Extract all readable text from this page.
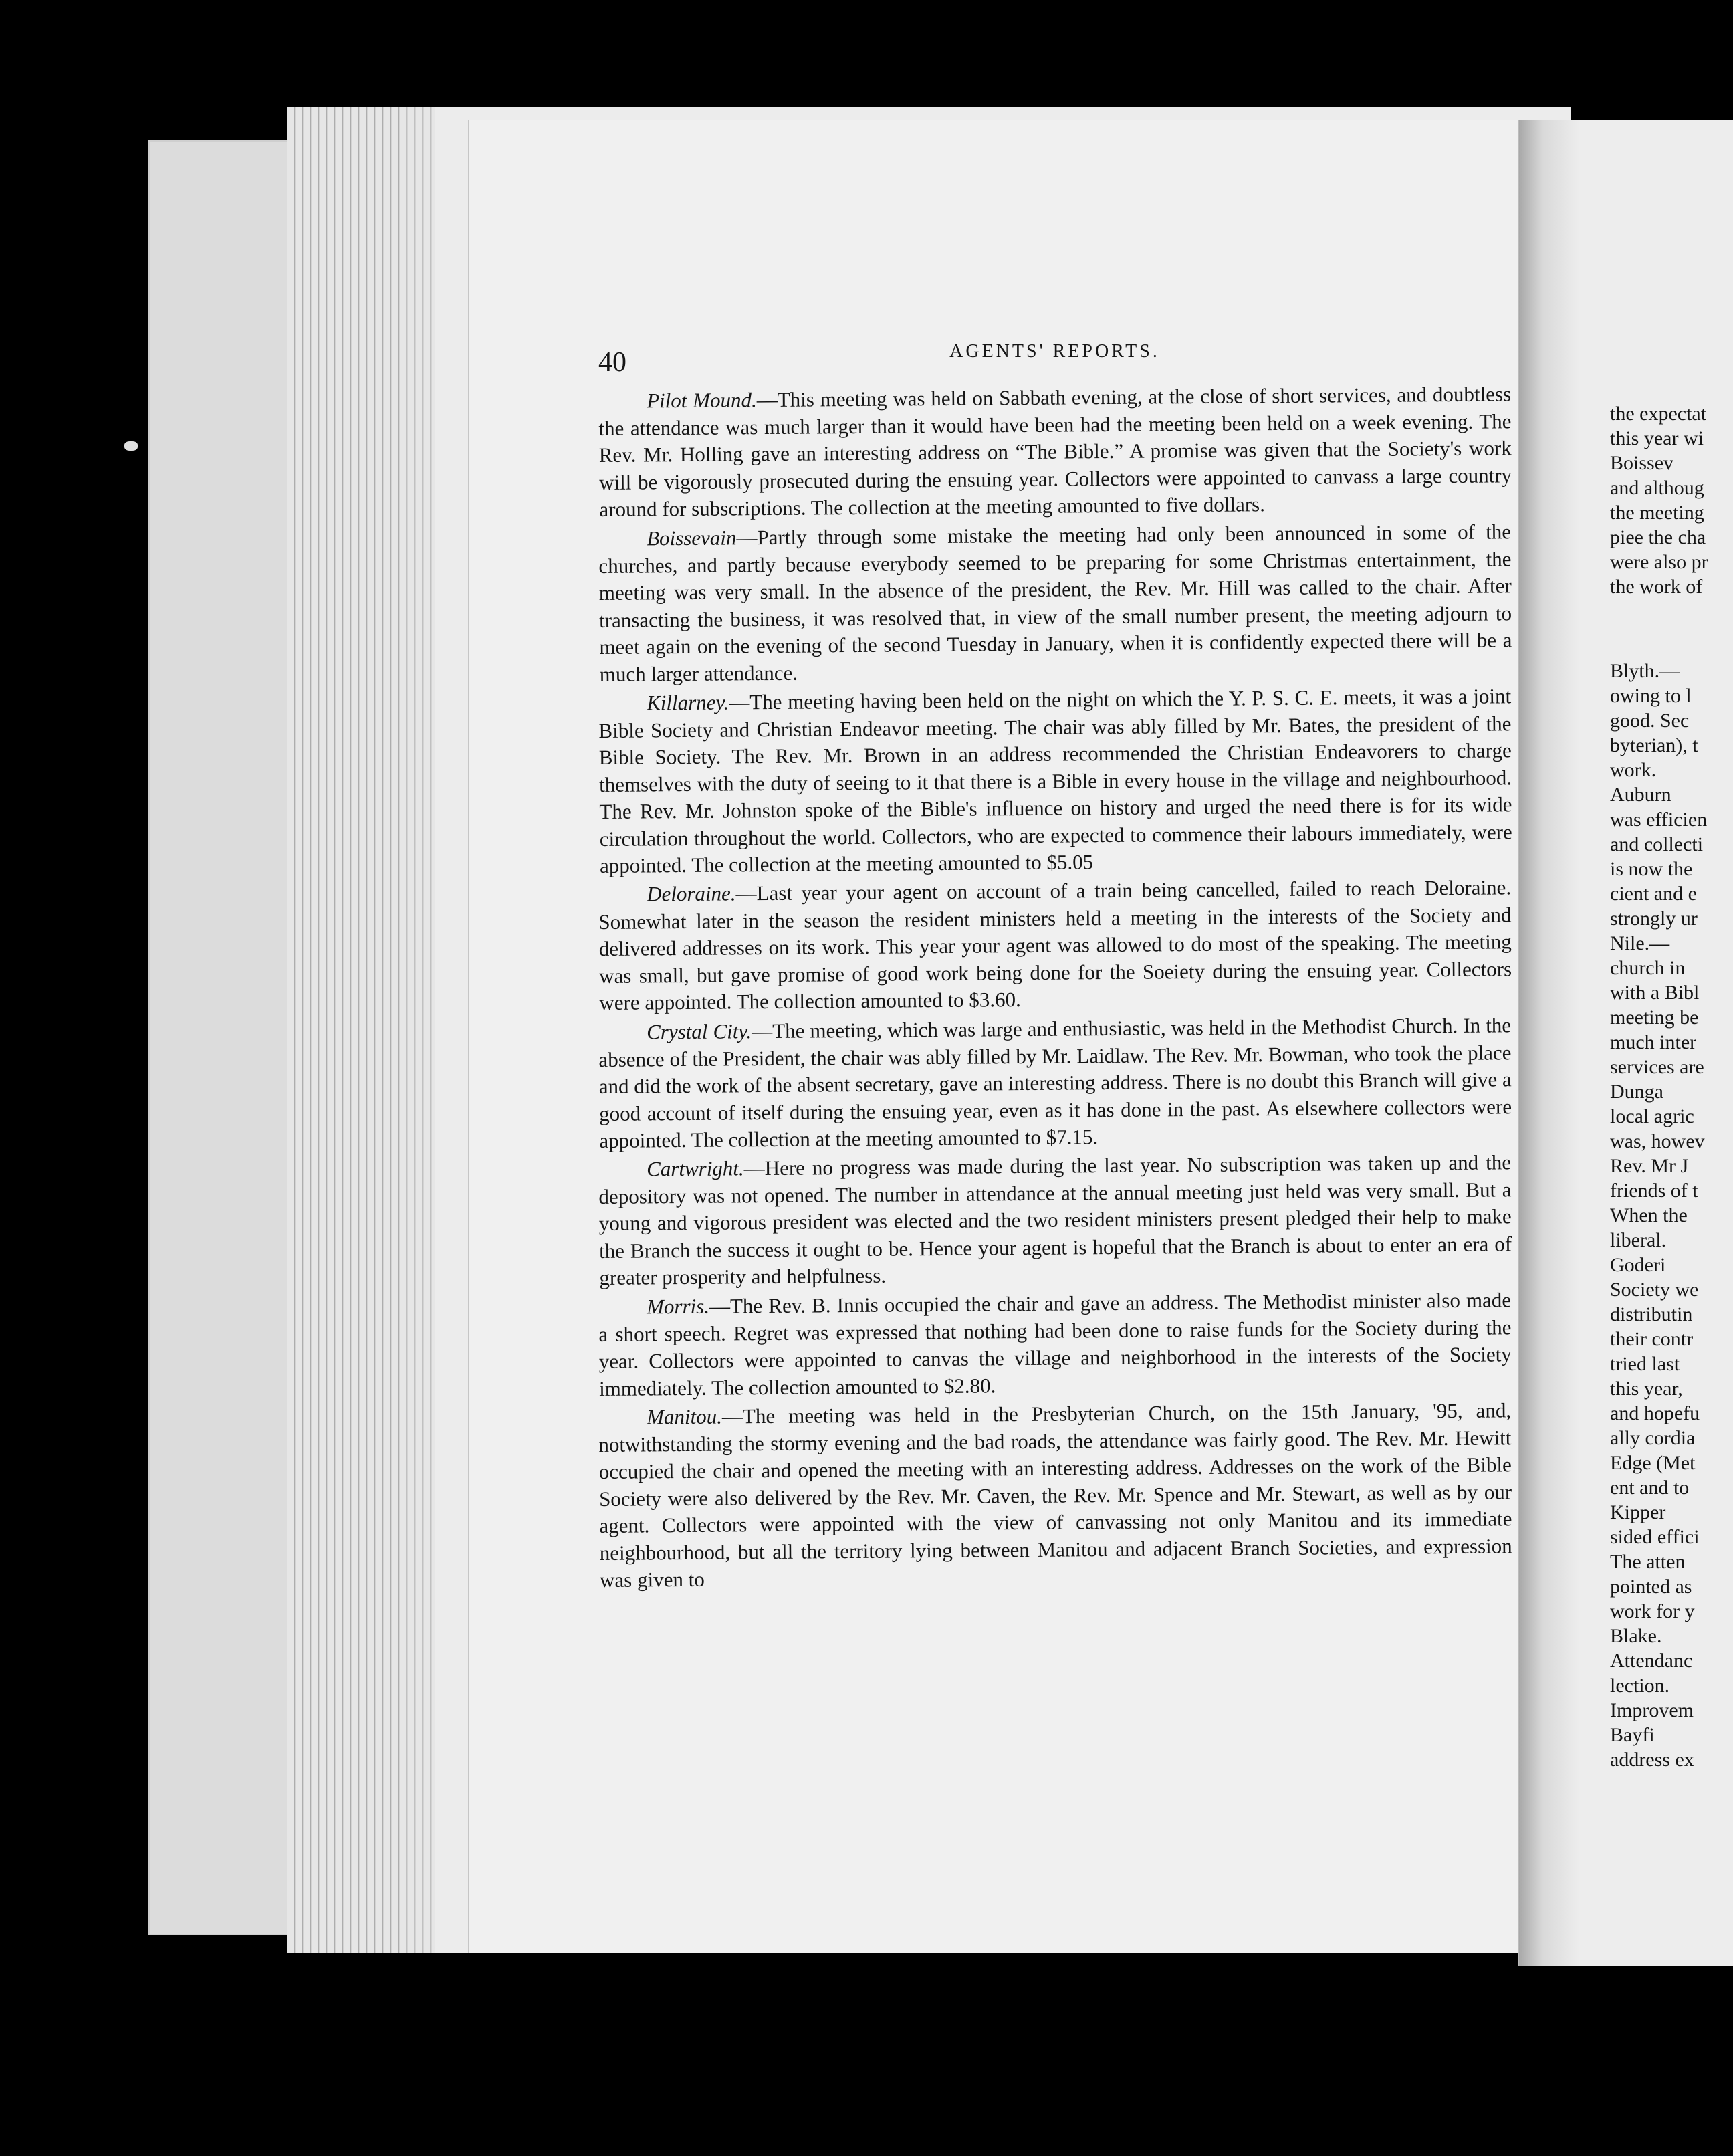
40	AGENTS' REPORTS.

Pilot Mound.—This meeting was held on Sabbath evening, at the close of short services, and doubtless the attendance was much larger than it would have been had the meeting been held on a week evening. The Rev. Mr. Holling gave an interesting address on “The Bible.” A promise was given that the Society's work will be vigorously prosecuted during the ensuing year. Collectors were appointed to canvass a large country around for subscriptions. The collection at the meeting amounted to five dollars.

Boissevain—Partly through some mistake the meeting had only been announced in some of the churches, and partly because everybody seemed to be preparing for some Christmas entertainment, the meeting was very small. In the absence of the president, the Rev. Mr. Hill was called to the chair. After transacting the business, it was resolved that, in view of the small number present, the meeting adjourn to meet again on the evening of the second Tuesday in January, when it is confidently expected there will be a much larger attendance.

Killarney.—The meeting having been held on the night on which the Y. P. S. C. E. meets, it was a joint Bible Society and Christian Endeavor meeting. The chair was ably filled by Mr. Bates, the president of the Bible Society. The Rev. Mr. Brown in an address recommended the Christian Endeavorers to charge themselves with the duty of seeing to it that there is a Bible in every house in the village and neighbourhood. The Rev. Mr. Johnston spoke of the Bible's influence on history and urged the need there is for its wide circulation throughout the world. Collectors, who are expected to commence their labours immediately, were appointed. The collection at the meeting amounted to $5.05

Deloraine.—Last year your agent on account of a train being cancelled, failed to reach Deloraine. Somewhat later in the season the resident ministers held a meeting in the interests of the Society and delivered addresses on its work. This year your agent was allowed to do most of the speaking. The meeting was small, but gave promise of good work being done for the Soeiety during the ensuing year. Collectors were appointed. The collection amounted to $3.60.

Crystal City.—The meeting, which was large and enthusiastic, was held in the Methodist Church. In the absence of the President, the chair was ably filled by Mr. Laidlaw. The Rev. Mr. Bowman, who took the place and did the work of the absent secretary, gave an interesting address. There is no doubt this Branch will give a good account of itself during the ensuing year, even as it has done in the past. As elsewhere collectors were appointed. The collection at the meeting amounted to $7.15.

Cartwright.—Here no progress was made during the last year. No subscription was taken up and the depository was not opened. The number in attendance at the annual meeting just held was very small. But a young and vigorous president was elected and the two resident ministers present pledged their help to make the Branch the success it ought to be. Hence your agent is hopeful that the Branch is about to enter an era of greater prosperity and helpfulness.

Morris.—The Rev. B. Innis occupied the chair and gave an address. The Methodist minister also made a short speech. Regret was expressed that nothing had been done to raise funds for the Society during the year. Collectors were appointed to canvas the village and neighborhood in the interests of the Society immediately. The collection amounted to $2.80.

Manitou.—The meeting was held in the Presbyterian Church, on the 15th January, '95, and, notwithstanding the stormy evening and the bad roads, the attendance was fairly good. The Rev. Mr. Hewitt occupied the chair and opened the meeting with an interesting address. Addresses on the work of the Bible Society were also delivered by the Rev. Mr. Caven, the Rev. Mr. Spence and Mr. Stewart, as well as by our agent. Collectors were appointed with the view of canvassing not only Manitou and its immediate neighbourhood, but all the territory lying between Manitou and adjacent Branch Societies, and expression was given to

the expectat
this year wi
Boissev
and althoug
the meeting
piee the cha
were also pr
the work of
Blyth.—
owing to l
good. Sec
byterian), t
work.
Auburn
was efficien
and collecti
is now the
cient and e
strongly ur
Nile.—
church in
with a Bibl
meeting be
much inter
services are
Dunga
local agric
was, howev
Rev. Mr J
friends of t
When the
liberal.
Goderi
Society we
distributin
their contr
tried last
this year,
and hopefu
ally cordia
Edge (Met
ent and to
Kipper
sided effici
The atten
pointed as
work for y
Blake.
Attendanc
lection.
Improvem
Bayfi
address ex
